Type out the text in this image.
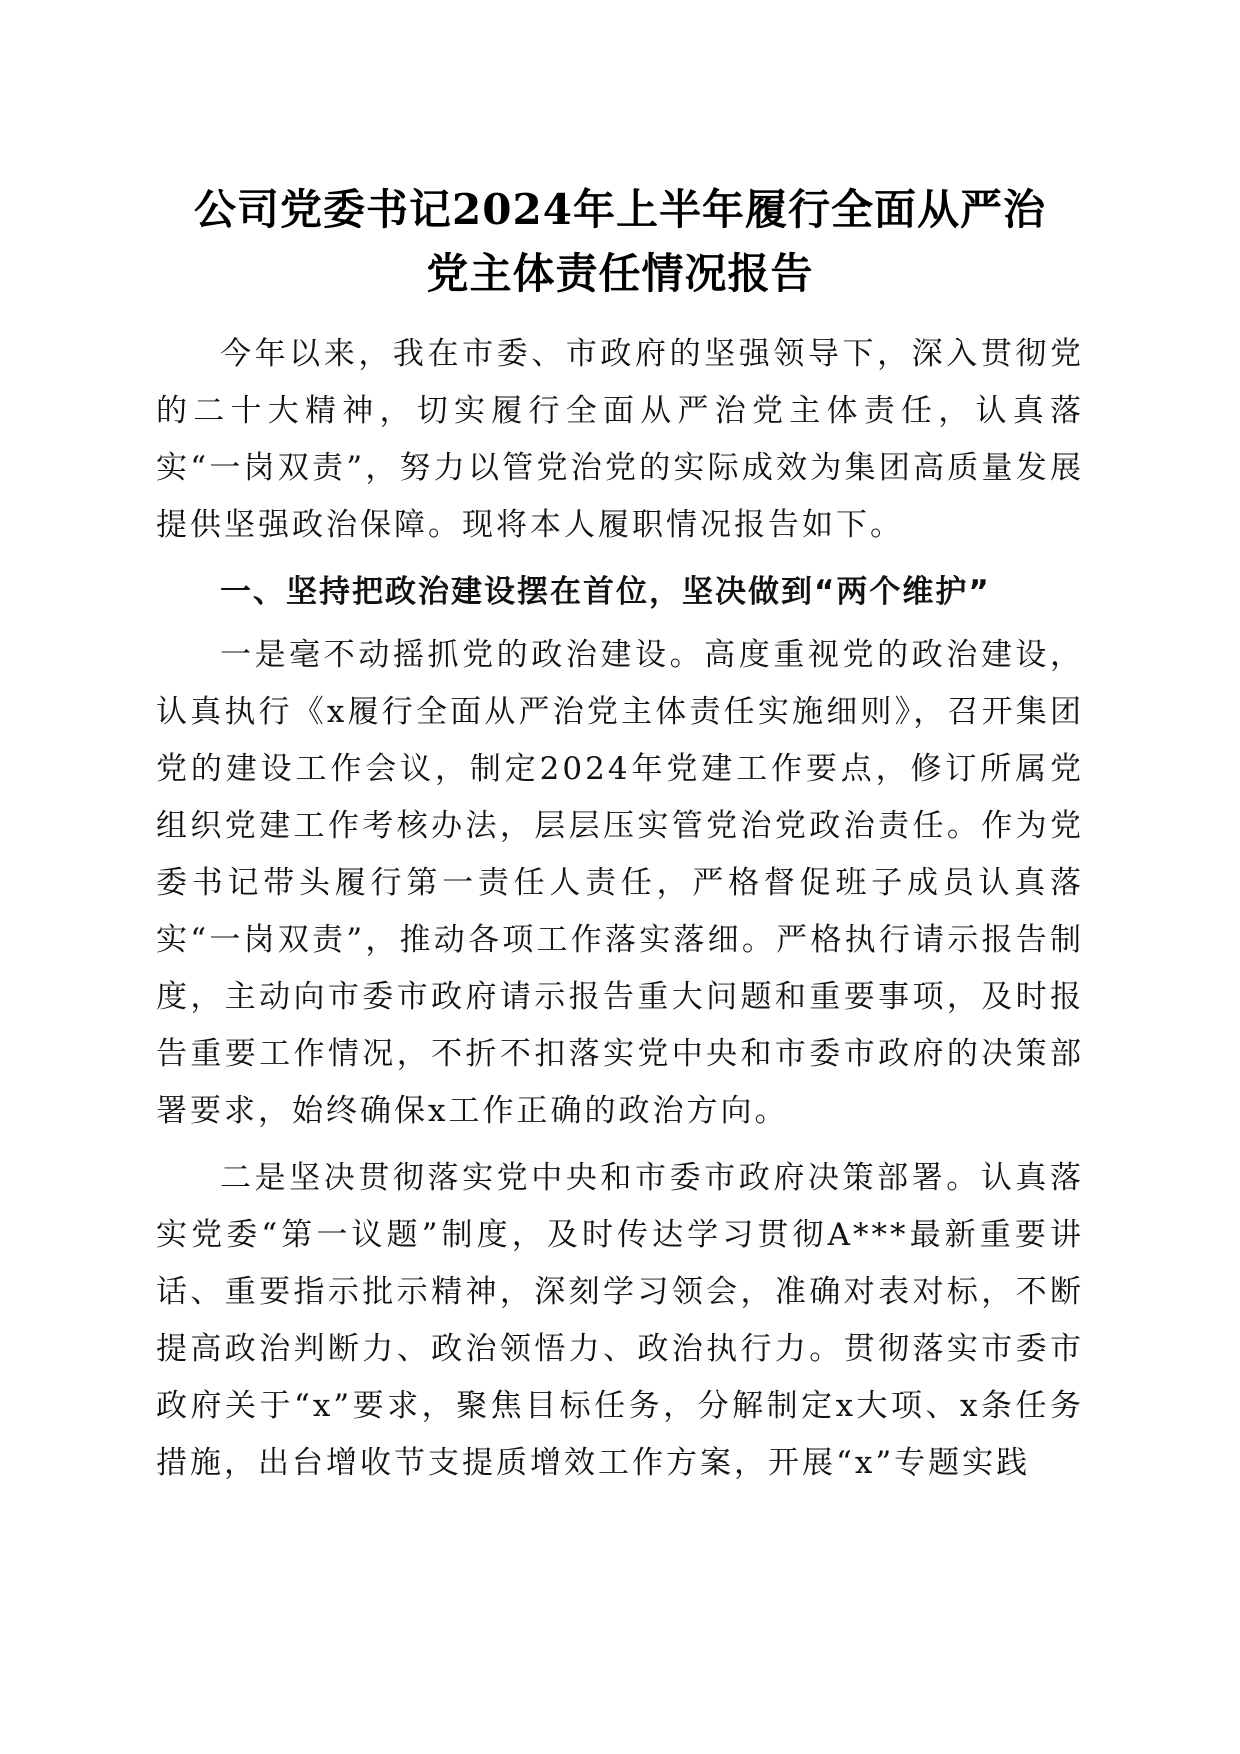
公司党委书记2024年上半年履行全面从严治
党主体责任情况报告

今年以来，我在市委、市政府的坚强领导下，深入贯彻党的二十大精神，切实履行全面从严治党主体责任，认真落实“一岗双责”，努力以管党治党的实际成效为集团高质量发展提供坚强政治保障。现将本人履职情况报告如下。

一、坚持把政治建设摆在首位，坚决做到“两个维护”

一是毫不动摇抓党的政治建设。高度重视党的政治建设，认真执行《x履行全面从严治党主体责任实施细则》，召开集团党的建设工作会议，制定2024年党建工作要点，修订所属党组织党建工作考核办法，层层压实管党治党政治责任。作为党委书记带头履行第一责任人责任，严格督促班子成员认真落实“一岗双责”，推动各项工作落实落细。严格执行请示报告制度，主动向市委市政府请示报告重大问题和重要事项，及时报告重要工作情况，不折不扣落实党中央和市委市政府的决策部署要求，始终确保x工作正确的政治方向。

二是坚决贯彻落实党中央和市委市政府决策部署。认真落实党委“第一议题”制度，及时传达学习贯彻A***最新重要讲话、重要指示批示精神，深刻学习领会，准确对表对标，不断提高政治判断力、政治领悟力、政治执行力。贯彻落实市委市政府关于“x”要求，聚焦目标任务，分解制定x大项、x条任务措施，出台增收节支提质增效工作方案，开展“x”专题实践
